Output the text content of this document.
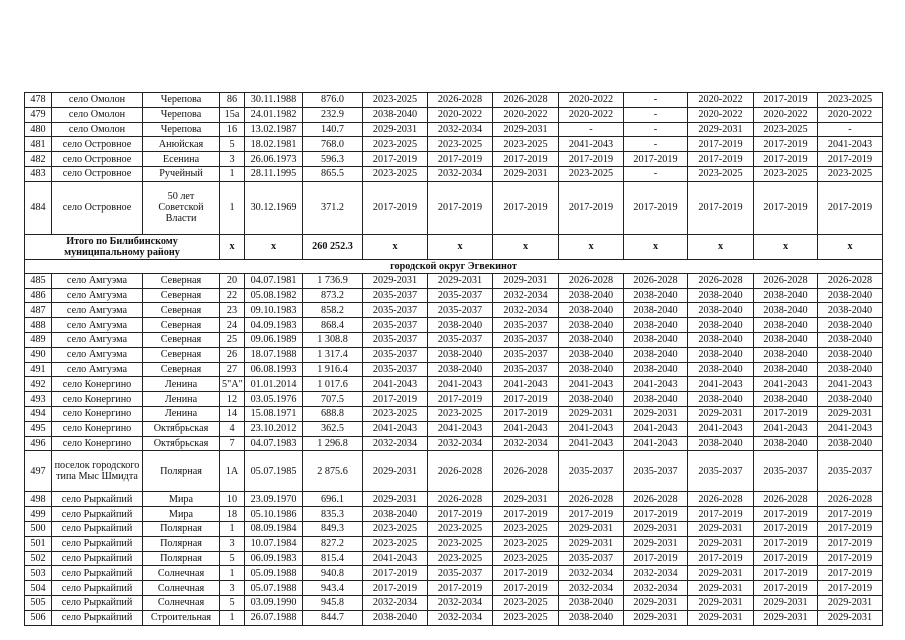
478	село Омолон	Черепова	86	30.11.1988	876.0	2023-2025	2026-2028	2026-2028	2020-2022	-	2020-2022	2017-2019	2023-2025
479	село Омолон	Черепова	15а	24.01.1982	232.9	2038-2040	2020-2022	2020-2022	2020-2022	-	2020-2022	2020-2022	2020-2022
480	село Омолон	Черепова	16	13.02.1987	140.7	2029-2031	2032-2034	2029-2031	-	-	2029-2031	2023-2025	-
481	село Островное	Анюйская	5	18.02.1981	768.0	2023-2025	2023-2025	2023-2025	2041-2043	-	2017-2019	2017-2019	2041-2043
482	село Островное	Есенина	3	26.06.1973	596.3	2017-2019	2017-2019	2017-2019	2017-2019	2017-2019	2017-2019	2017-2019	2017-2019
483	село Островное	Ручейный	1	28.11.1995	865.5	2023-2025	2032-2034	2029-2031	2023-2025	-	2023-2025	2023-2025	2023-2025
484	село Островное	50 лет Советской Власти	1	30.12.1969	371.2	2017-2019	2017-2019	2017-2019	2017-2019	2017-2019	2017-2019	2017-2019	2017-2019
Итого по Билибинскому муниципальному району			x	x	260 252.3	x	x	x	x	x	x	x	x
городской округ Эгвекинот													
485	село Амгуэма	Северная	20	04.07.1981	1 736.9	2029-2031	2029-2031	2029-2031	2026-2028	2026-2028	2026-2028	2026-2028	2026-2028
486	село Амгуэма	Северная	22	05.08.1982	873.2	2035-2037	2035-2037	2032-2034	2038-2040	2038-2040	2038-2040	2038-2040	2038-2040
487	село Амгуэма	Северная	23	09.10.1983	858.2	2035-2037	2035-2037	2032-2034	2038-2040	2038-2040	2038-2040	2038-2040	2038-2040
488	село Амгуэма	Северная	24	04.09.1983	868.4	2035-2037	2038-2040	2035-2037	2038-2040	2038-2040	2038-2040	2038-2040	2038-2040
489	село Амгуэма	Северная	25	09.06.1989	1 308.8	2035-2037	2035-2037	2035-2037	2038-2040	2038-2040	2038-2040	2038-2040	2038-2040
490	село Амгуэма	Северная	26	18.07.1988	1 317.4	2035-2037	2038-2040	2035-2037	2038-2040	2038-2040	2038-2040	2038-2040	2038-2040
491	село Амгуэма	Северная	27	06.08.1993	1 916.4	2035-2037	2038-2040	2035-2037	2038-2040	2038-2040	2038-2040	2038-2040	2038-2040
492	село Конергино	Ленина	5"А"	01.01.2014	1 017.6	2041-2043	2041-2043	2041-2043	2041-2043	2041-2043	2041-2043	2041-2043	2041-2043
493	село Конергино	Ленина	12	03.05.1976	707.5	2017-2019	2017-2019	2017-2019	2038-2040	2038-2040	2038-2040	2038-2040	2038-2040
494	село Конергино	Ленина	14	15.08.1971	688.8	2023-2025	2023-2025	2017-2019	2029-2031	2029-2031	2029-2031	2017-2019	2029-2031
495	село Конергино	Октябрьская	4	23.10.2012	362.5	2041-2043	2041-2043	2041-2043	2041-2043	2041-2043	2041-2043	2041-2043	2041-2043
496	село Конергино	Октябрьская	7	04.07.1983	1 296.8	2032-2034	2032-2034	2032-2034	2041-2043	2041-2043	2038-2040	2038-2040	2038-2040
497	поселок городского типа Мыс Шмидта	Полярная	1А	05.07.1985	2 875.6	2029-2031	2026-2028	2026-2028	2035-2037	2035-2037	2035-2037	2035-2037	2035-2037
498	село Рыркайпий	Мира	10	23.09.1970	696.1	2029-2031	2026-2028	2029-2031	2026-2028	2026-2028	2026-2028	2026-2028	2026-2028
499	село Рыркайпий	Мира	18	05.10.1986	835.3	2038-2040	2017-2019	2017-2019	2017-2019	2017-2019	2017-2019	2017-2019	2017-2019
500	село Рыркайпий	Полярная	1	08.09.1984	849.3	2023-2025	2023-2025	2023-2025	2029-2031	2029-2031	2029-2031	2017-2019	2017-2019
501	село Рыркайпий	Полярная	3	10.07.1984	827.2	2023-2025	2023-2025	2023-2025	2029-2031	2029-2031	2029-2031	2017-2019	2017-2019
502	село Рыркайпий	Полярная	5	06.09.1983	815.4	2041-2043	2023-2025	2023-2025	2035-2037	2017-2019	2017-2019	2017-2019	2017-2019
503	село Рыркайпий	Солнечная	1	05.09.1988	940.8	2017-2019	2035-2037	2017-2019	2032-2034	2032-2034	2029-2031	2017-2019	2017-2019
504	село Рыркайпий	Солнечная	3	05.07.1988	943.4	2017-2019	2017-2019	2017-2019	2032-2034	2032-2034	2029-2031	2017-2019	2017-2019
505	село Рыркайпий	Солнечная	5	03.09.1990	945.8	2032-2034	2032-2034	2023-2025	2038-2040	2029-2031	2029-2031	2029-2031	2029-2031
506	село Рыркайпий	Строительная	1	26.07.1988	844.7	2038-2040	2032-2034	2023-2025	2038-2040	2029-2031	2029-2031	2029-2031	2029-2031
